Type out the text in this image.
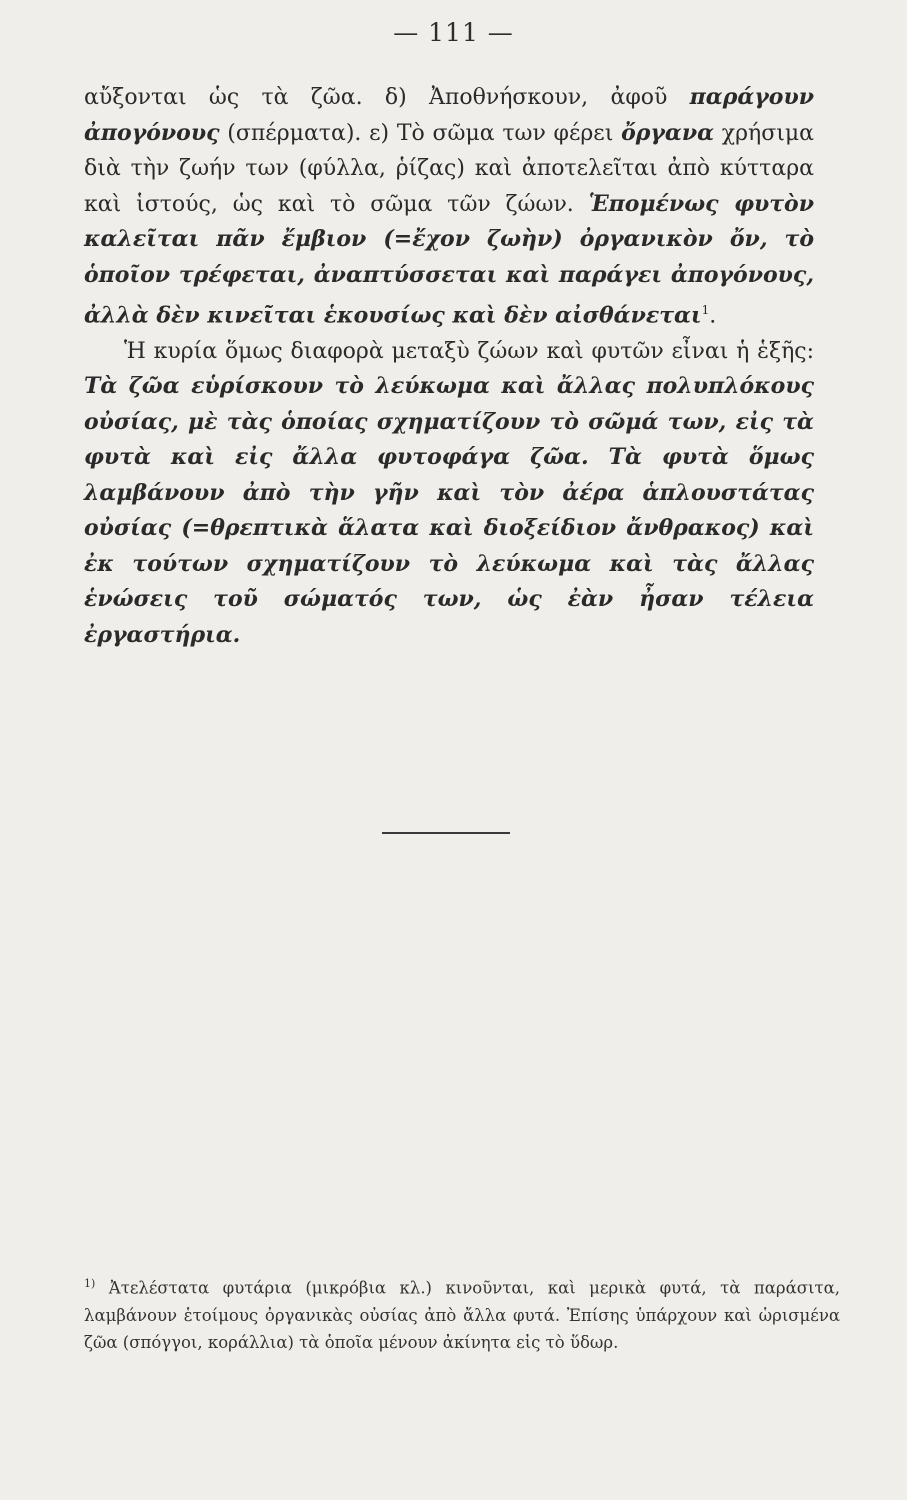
— 111 —

αὔξονται ὡς τὰ ζῶα. δ) Ἀποθνήσκουν, ἀφοῦ παράγουν ἀπογόνους (σπέρματα). ε) Τὸ σῶμα των φέρει ὄργανα χρήσιμα διὰ τὴν ζωήν των (φύλλα, ῥίζας) καὶ ἀποτελεῖται ἀπὸ κύτταρα καὶ ἱστούς, ὡς καὶ τὸ σῶμα τῶν ζώων. Ἑπομένως φυτὸν καλεῖται πᾶν ἔμβιον (=ἔχον ζωὴν) ὀργανικὸν ὄν, τὸ ὁποῖον τρέφεται, ἀναπτύσσεται καὶ παράγει ἀπογόνους, ἀλλὰ δὲν κινεῖται ἑκουσίως καὶ δὲν αἰσθάνεται$^1$.

Ἡ κυρία ὅμως διαφορὰ μεταξὺ ζώων καὶ φυτῶν εἶναι ἡ ἑξῆς: Τὰ ζῶα εὑρίσκουν τὸ λεύκωμα καὶ ἄλλας πολυπλόκους οὐσίας, μὲ τὰς ὁποίας σχηματίζουν τὸ σῶμά των, εἰς τὰ φυτὰ καὶ εἰς ἄλλα φυτοφάγα ζῶα. Τὰ φυτὰ ὅμως λαμβάνουν ἀπὸ τὴν γῆν καὶ τὸν ἀέρα ἁπλουστάτας οὐσίας (=θρεπτικὰ ἅλατα καὶ διοξείδιον ἄνθρακος) καὶ ἐκ τούτων σχηματίζουν τὸ λεύκωμα καὶ τὰς ἄλλας ἑνώσεις τοῦ σώματός των, ὡς ἐὰν ἦσαν τέλεια ἐργαστήρια.

$^{1)}$ Ἀτελέστατα φυτάρια (μικρόβια κλ.) κινοῦνται, καὶ μερικὰ φυτά, τὰ παράσιτα, λαμβάνουν ἑτοίμους ὀργανικὰς οὐσίας ἀπὸ ἄλλα φυτά. Ἐπίσης ὑπάρχουν καὶ ὡρισμένα ζῶα (σπόγγοι, κοράλλια) τὰ ὁποῖα μένουν ἀκίνητα εἰς τὸ ὕδωρ.
